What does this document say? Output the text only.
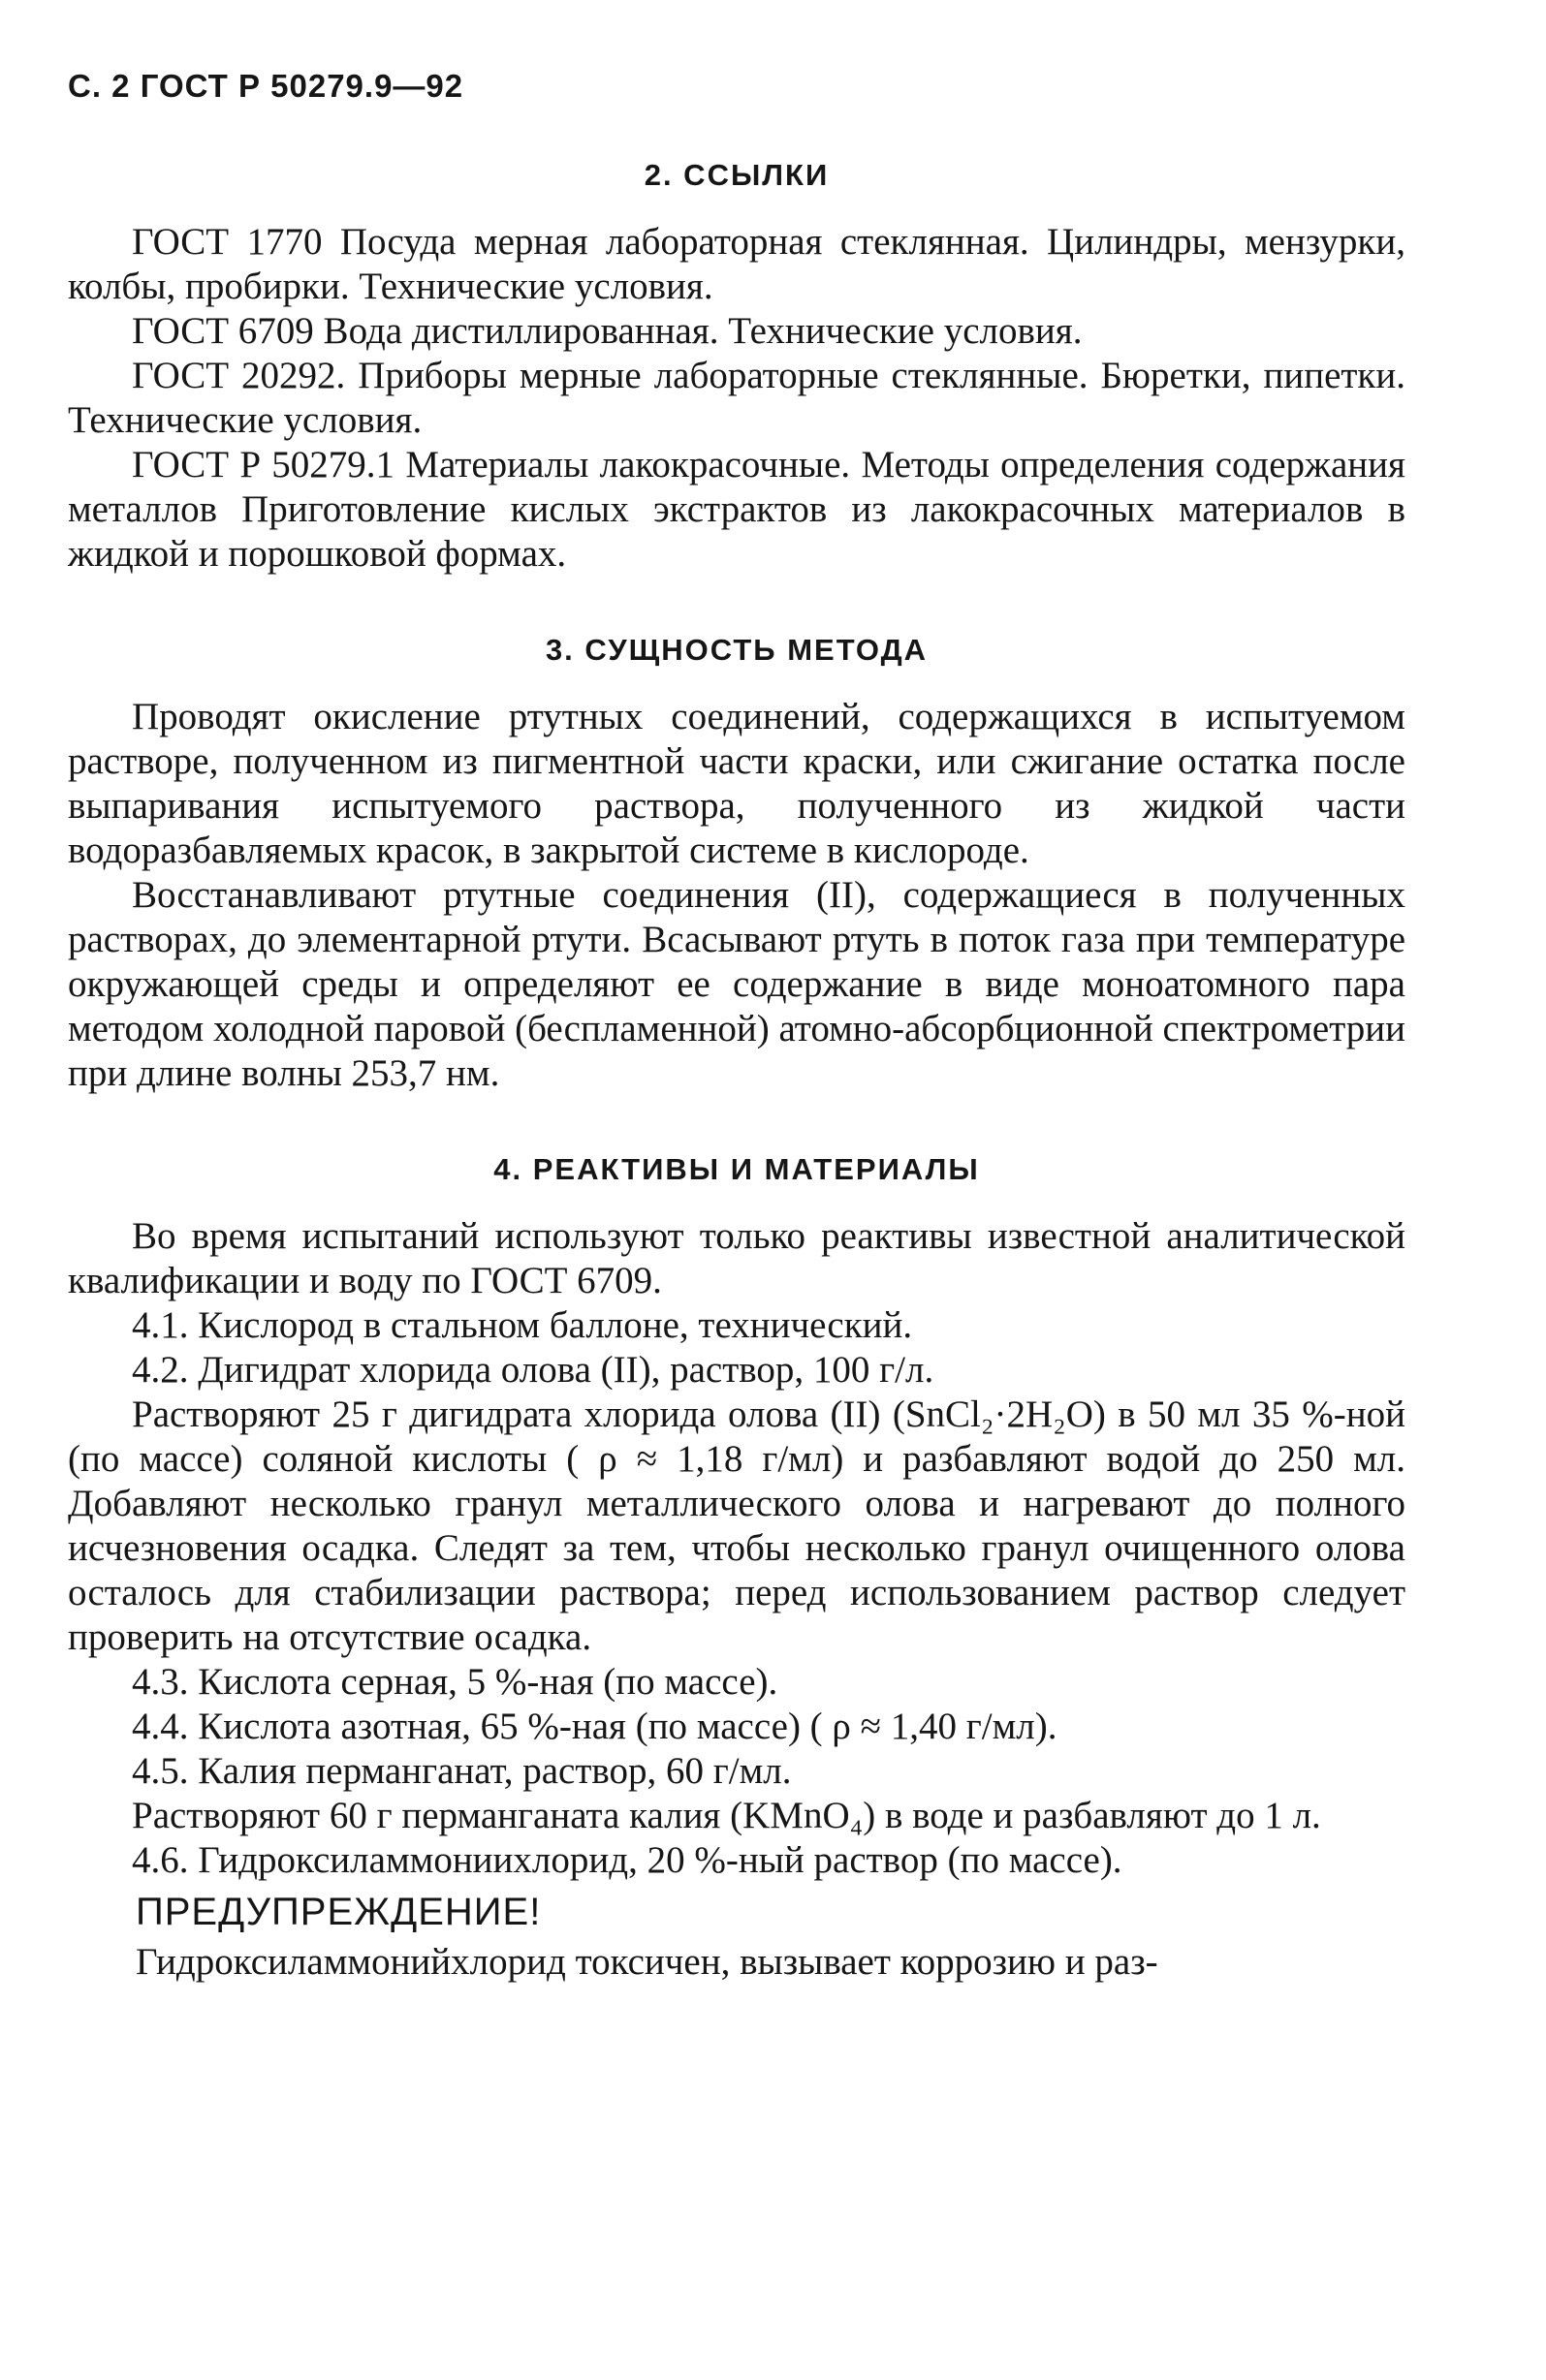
С. 2 ГОСТ Р 50279.9—92
2. ССЫЛКИ

ГОСТ 1770 Посуда мерная лабораторная стеклянная. Цилиндры, мензурки, колбы, пробирки. Технические условия.

ГОСТ 6709 Вода дистиллированная. Технические условия.

ГОСТ 20292. Приборы мерные лабораторные стеклянные. Бюретки, пипетки. Технические условия.

ГОСТ Р 50279.1 Материалы лакокрасочные. Методы определения содержания металлов Приготовление кислых экстрактов из лакокрасочных материалов в жидкой и порошковой формах.

3. СУЩНОСТЬ МЕТОДА

Проводят окисление ртутных соединений, содержащихся в испытуемом растворе, полученном из пигментной части краски, или сжигание остатка после выпаривания испытуемого раствора, полученного из жидкой части водоразбавляемых красок, в закрытой системе в кислороде.

Восстанавливают ртутные соединения (II), содержащиеся в полученных растворах, до элементарной ртути. Всасывают ртуть в поток газа при температуре окружающей среды и определяют ее содержание в виде моноатомного пара методом холодной паровой (беспламенной) атомно-абсорбционной спектрометрии при длине волны 253,7 нм.

4. РЕАКТИВЫ И МАТЕРИАЛЫ

Во время испытаний используют только реактивы известной аналитической квалификации и воду по ГОСТ 6709.

4.1. Кислород в стальном баллоне, технический.

4.2. Дигидрат хлорида олова (II), раствор, 100 г/л.

Растворяют 25 г дигидрата хлорида олова (II) (SnCl₂·2H₂O) в 50 мл 35 %-ной (по массе) соляной кислоты ( ρ ≈ 1,18 г/мл) и разбавляют водой до 250 мл. Добавляют несколько гранул металлического олова и нагревают до полного исчезновения осадка. Следят за тем, чтобы несколько гранул очищенного олова осталось для стабилизации раствора; перед использованием раствор следует проверить на отсутствие осадка.

4.3. Кислота серная, 5 %-ная (по массе).

4.4. Кислота азотная, 65 %-ная (по массе) ( ρ ≈ 1,40 г/мл).

4.5. Калия перманганат, раствор, 60 г/мл.

Растворяют 60 г перманганата калия (KMnO₄) в воде и разбавляют до 1 л.

4.6. Гидроксиламмониихлорид, 20 %-ный раствор (по массе).

ПРЕДУПРЕЖДЕНИЕ!

Гидроксиламмонийхлорид токсичен, вызывает коррозию и раз-
